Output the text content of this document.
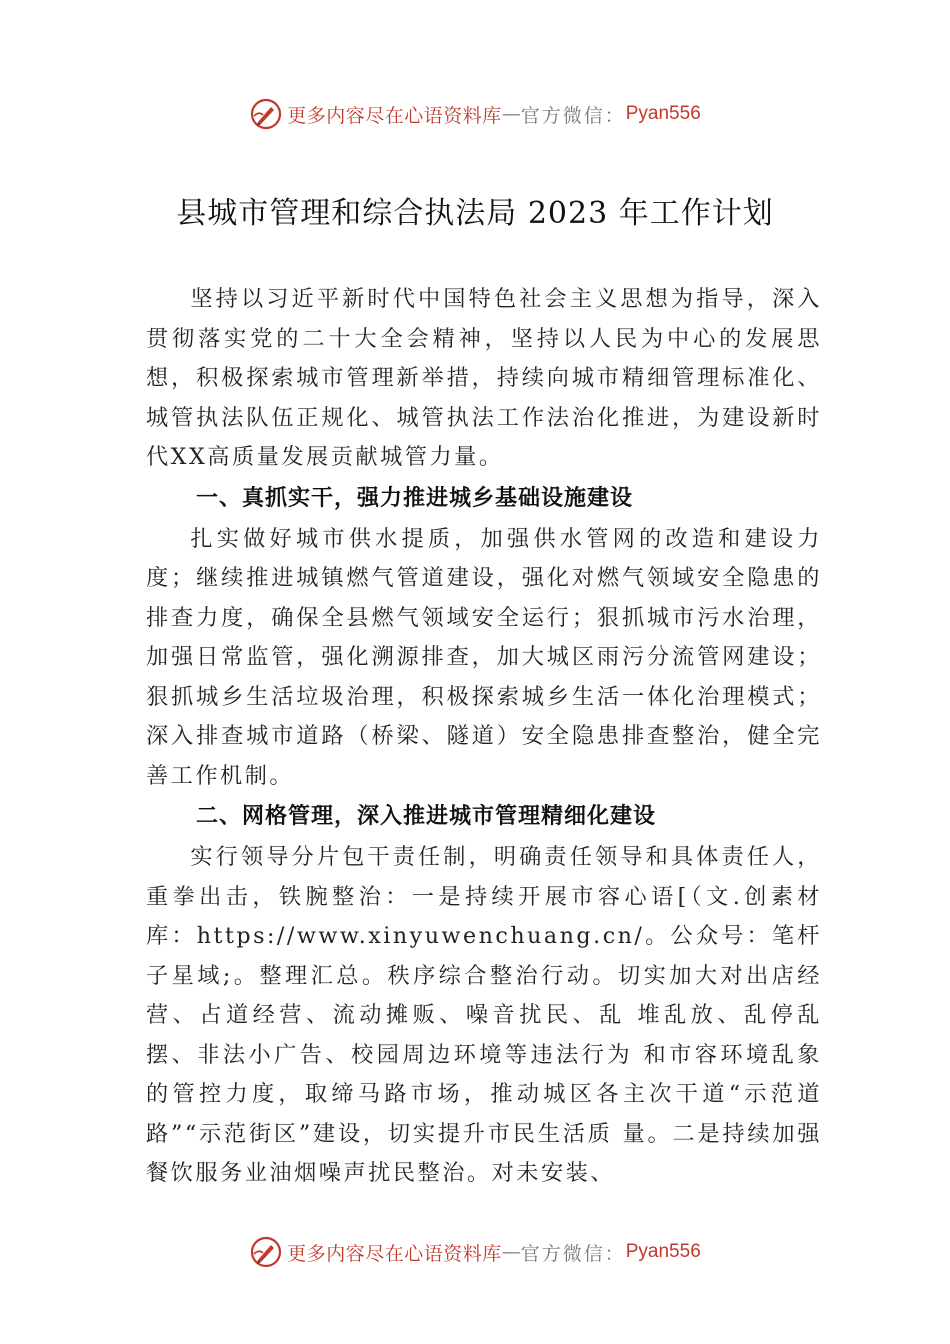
更多内容尽在心语资料库 — 官方微信： Pyan556
县城市管理和综合执法局 2023 年工作计划

坚持以习近平新时代中国特色社会主义思想为指导，深入贯彻落实党的二十大全会精神，坚持以人民为中心的发展思想，积极探索城市管理新举措，持续向城市精细管理标准化、城管执法队伍正规化、城管执法工作法治化推进，为建设新时代XX高质量发展贡献城管力量。

一、真抓实干，强力推进城乡基础设施建设

扎实做好城市供水提质，加强供水管网的改造和建设力度；继续推进城镇燃气管道建设，强化对燃气领域安全隐患的排查力度，确保全县燃气领域安全运行；狠抓城市污水治理，加强日常监管，强化溯源排查，加大城区雨污分流管网建设；狠抓城乡生活垃圾治理，积极探索城乡生活一体化治理模式；深入排查城市道路（桥梁、隧道）安全隐患排查整治，健全完善工作机制。

二、网格管理，深入推进城市管理精细化建设

实行领导分片包干责任制，明确责任领导和具体责任人，重拳出击，铁腕整治：一是持续开展市容心语[（文.创素材库：https://www.xinyuwenchuang.cn/。公众号：笔杆子星域;。整理汇总。秩序综合整治行动。切实加大对出店经营、占道经营、流动摊贩、噪音扰民、乱 堆乱放、乱停乱摆、非法小广告、校园周边环境等违法行为 和市容环境乱象的管控力度，取缔马路市场，推动城区各主次干道“示范道路”“示范街区”建设，切实提升市民生活质 量。二是持续加强餐饮服务业油烟噪声扰民整治。对未安装、

更多内容尽在心语资料库 — 官方微信： Pyan556
